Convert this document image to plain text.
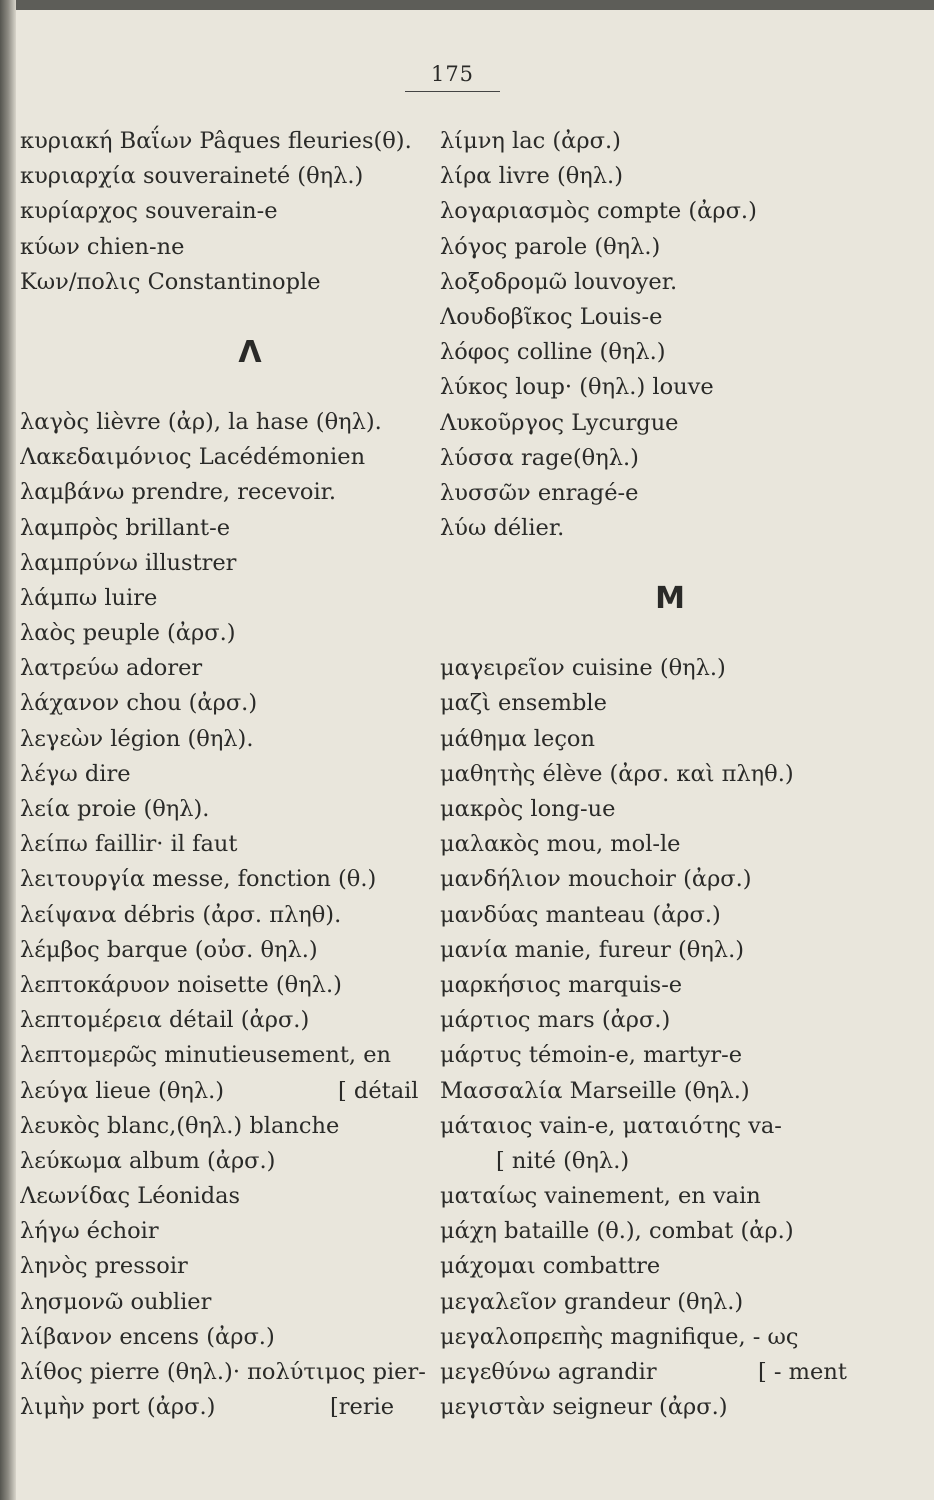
175
κυριακή Βαΐων Pâques fleuries(θ).
κυριαρχία souveraineté (θηλ.)
κυρίαρχος souverain-e
κύων chien-ne
Κων/πολις Constantinople
Λ
λαγὸς lièvre (ἀρ), la hase (θηλ).
Λακεδαιμόνιος Lacédémonien
λαμβάνω prendre, recevoir.
λαμπρὸς brillant-e
λαμπρύνω illustrer
λάμπω luire
λαὸς peuple (ἀρσ.)
λατρεύω adorer
λάχανον chou (ἀρσ.)
λεγεὼν légion (θηλ).
λέγω dire
λεία proie (θηλ).
λείπω faillir· il faut
λειτουργία messe, fonction (θ.)
λείψανα débris (ἀρσ. πληθ).
λέμβος barque (οὐσ. θηλ.)
λεπτοκάρυον noisette (θηλ.)
λεπτομέρεια détail (ἀρσ.)
λεπτομερῶς minutieusement, en
λεύγα lieue (θηλ.)	[ détail
λευκὸς blanc,(θηλ.) blanche
λεύκωμα album (ἀρσ.)
Λεωνίδας Léonidas
λήγω échoir
ληνὸς pressoir
λησμονῶ oublier
λίβανον encens (ἀρσ.)
λίθος pierre (θηλ.)· πολύτιμος pier-
λιμὴν port (ἀρσ.)	[rerie
λίμνη lac (ἀρσ.)
λίρα livre (θηλ.)
λογαριασμὸς compte (ἀρσ.)
λόγος parole (θηλ.)
λοξοδρομῶ louvoyer.
Λουδοβῖκος Louis-e
λόφος colline (θηλ.)
λύκος loup· (θηλ.) louve
Λυκοῦργος Lycurgue
λύσσα rage(θηλ.)
λυσσῶν enragé-e
λύω délier.
Μ
μαγειρεῖον cuisine (θηλ.)
μαζὶ ensemble
μάθημα leçon
μαθητὴς élève (ἀρσ. καὶ πληθ.)
μακρὸς long-ue
μαλακὸς mou, mol-le
μανδήλιον mouchoir (ἀρσ.)
μανδύας manteau (ἀρσ.)
μανία manie, fureur (θηλ.)
μαρκήσιος marquis-e
μάρτιος mars (ἀρσ.)
μάρτυς témoin-e, martyr-e
Μασσαλία Marseille (θηλ.)
μάταιος vain-e, ματαιότης va-
[ nité (θηλ.)
ματαίως vainement, en vain
μάχη bataille (θ.), combat (ἀρ.)
μάχομαι combattre
μεγαλεῖον grandeur (θηλ.)
μεγαλοπρεπὴς magnifique, - ως
μεγεθύνω agrandir	[ - ment
μεγιστὰν seigneur (ἀρσ.)
